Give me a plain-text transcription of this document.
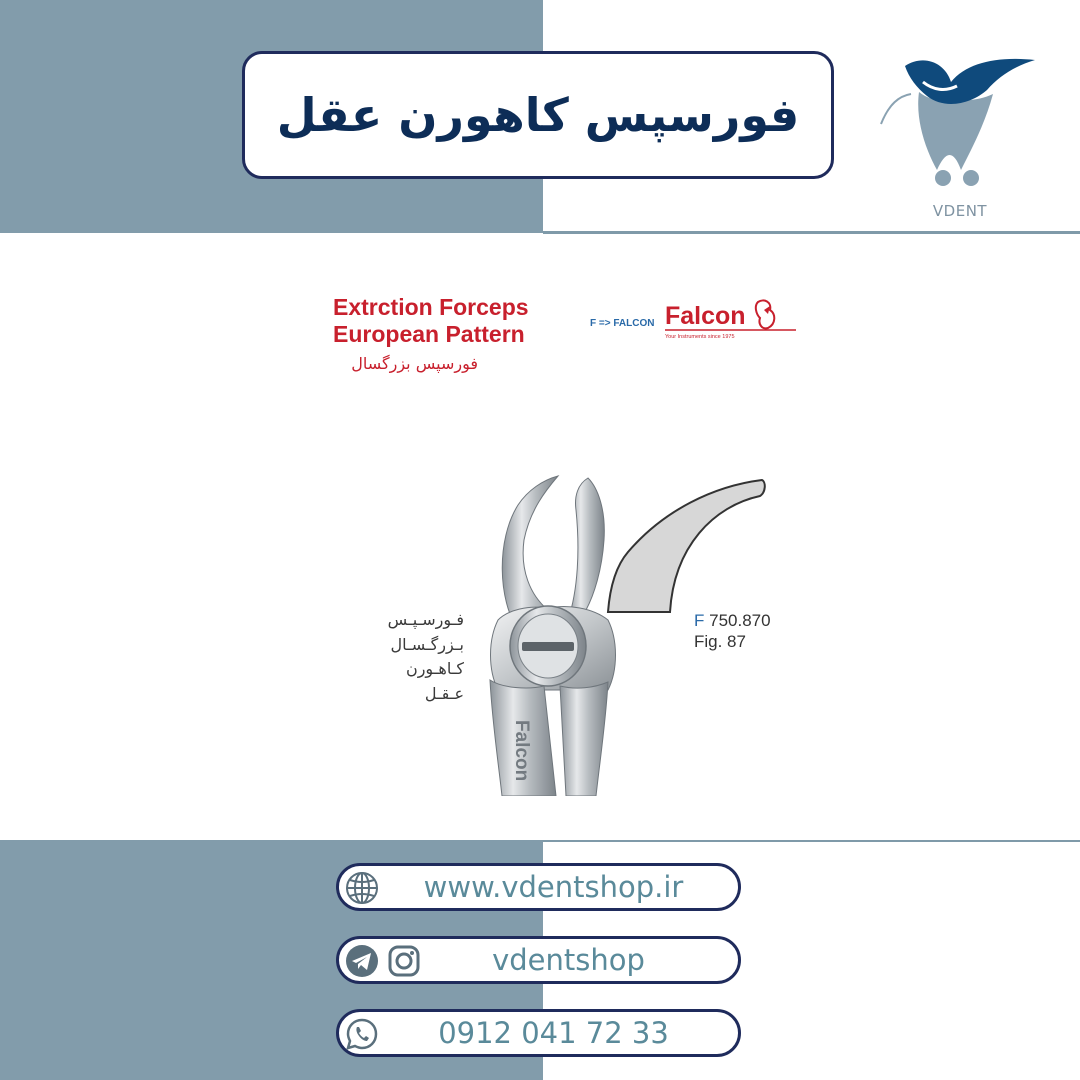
فورسپس کاهورن عقل
VDENT
Extrction Forceps
European Pattern
فورسپس بزرگسال
F => FALCON Falcon
Your Instruments since 1975
Falcon
فـورسـپـس
بـزرگـسـال
کـاهـورن
عـقـل
F 750.870
Fig. 87
www.vdentshop.ir
vdentshop
0912 041 72 33
